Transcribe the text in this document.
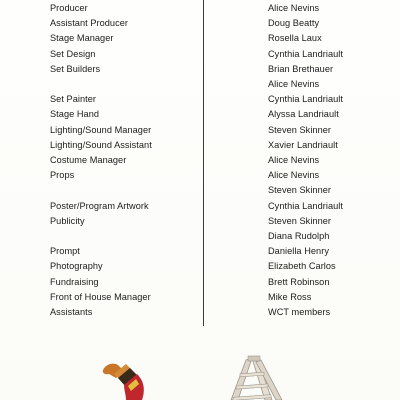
Producer
Assistant Producer
Stage Manager
Set Design
Set Builders
Set Painter
Stage Hand
Lighting/Sound Manager
Lighting/Sound Assistant
Costume Manager
Props
Poster/Program Artwork
Publicity
Prompt
Photography
Fundraising
Front of House Manager
Assistants
Alice Nevins
Doug Beatty
Rosella Laux
Cynthia Landriault
Brian Brethauer
Alice Nevins
Cynthia Landriault
Alyssa Landriault
Steven Skinner
Xavier Landriault
Alice Nevins
Alice Nevins
Steven Skinner
Cynthia Landriault
Steven Skinner
Diana Rudolph
Daniella Henry
Elizabeth Carlos
Brett Robinson
Mike Ross
WCT members
